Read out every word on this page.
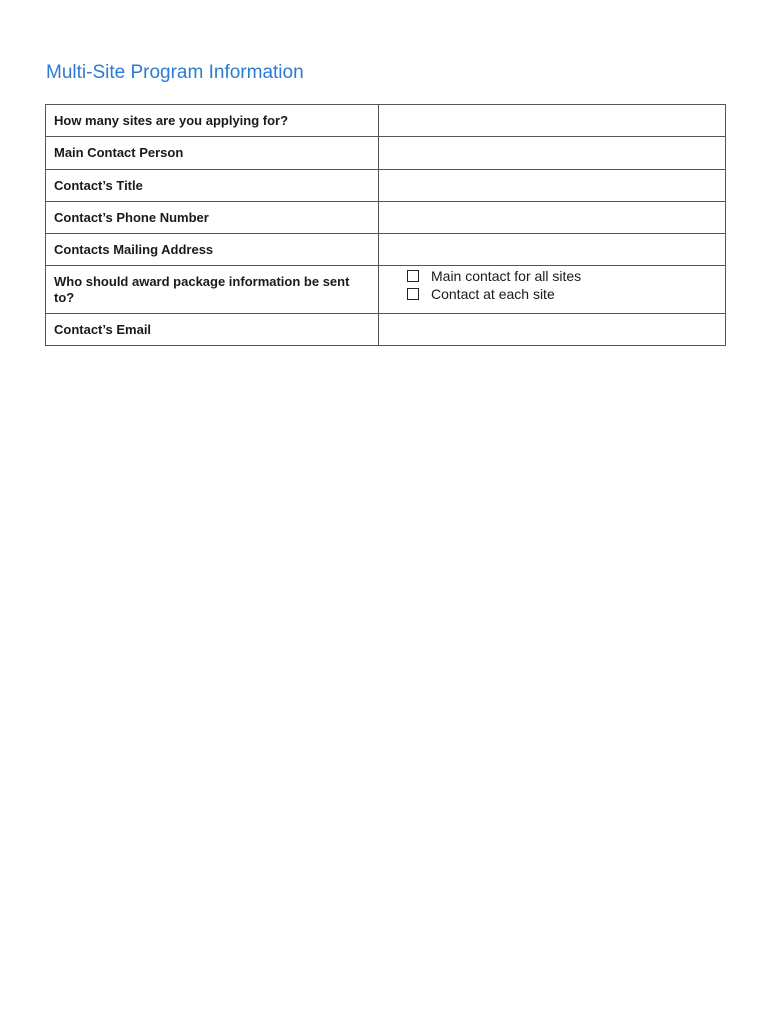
Multi-Site Program Information
How many sites are you applying for?	
Main Contact Person	
Contact’s Title	
Contact’s Phone Number	
Contacts Mailing Address	
Who should award package information be sent to?	Main contact for all sites
Contact at each site

Contact’s Email	
